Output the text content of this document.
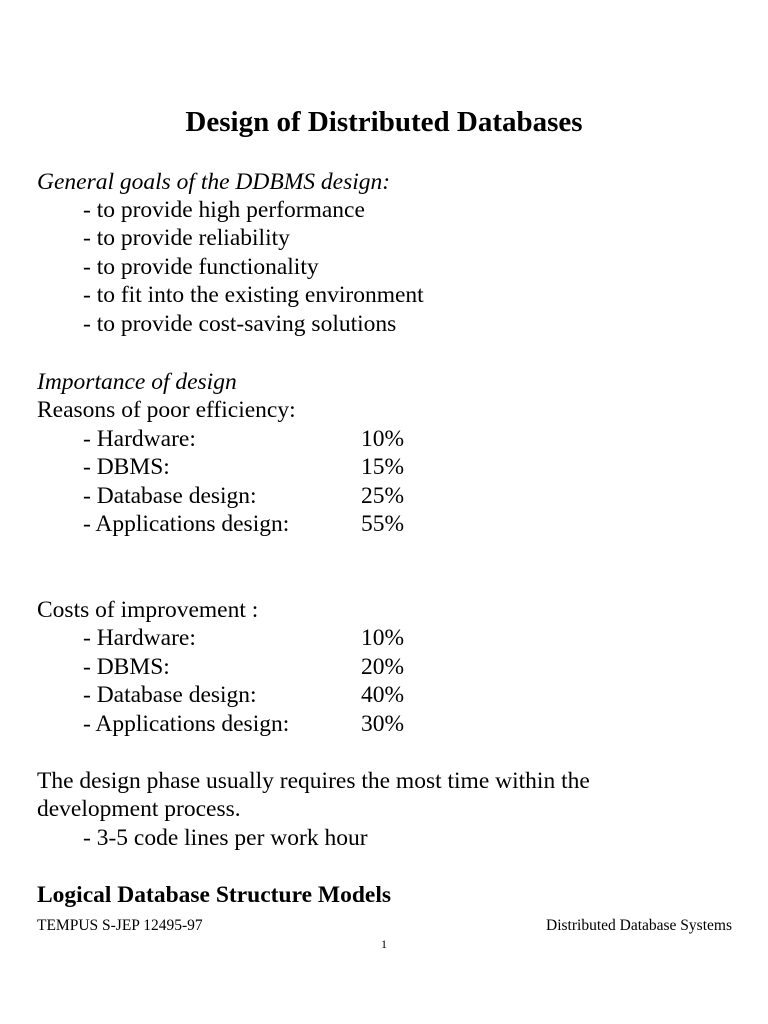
Design of Distributed Databases
General goals of the DDBMS design:
- to provide high performance
- to provide reliability
- to provide functionality
- to fit into the existing environment
- to provide cost-saving solutions
Importance of design
Reasons of poor efficiency:
- Hardware:	10%
- DBMS:	15%
- Database design:	25%
- Applications design:	55%
Costs of improvement :
- Hardware:	10%
- DBMS:	20%
- Database design:	40%
- Applications design:	30%
The design phase usually requires the most time within the
development process.
- 3-5 code lines per work hour
Logical Database Structure Models
TEMPUS S-JEP 12495-97	Distributed Database Systems
1
